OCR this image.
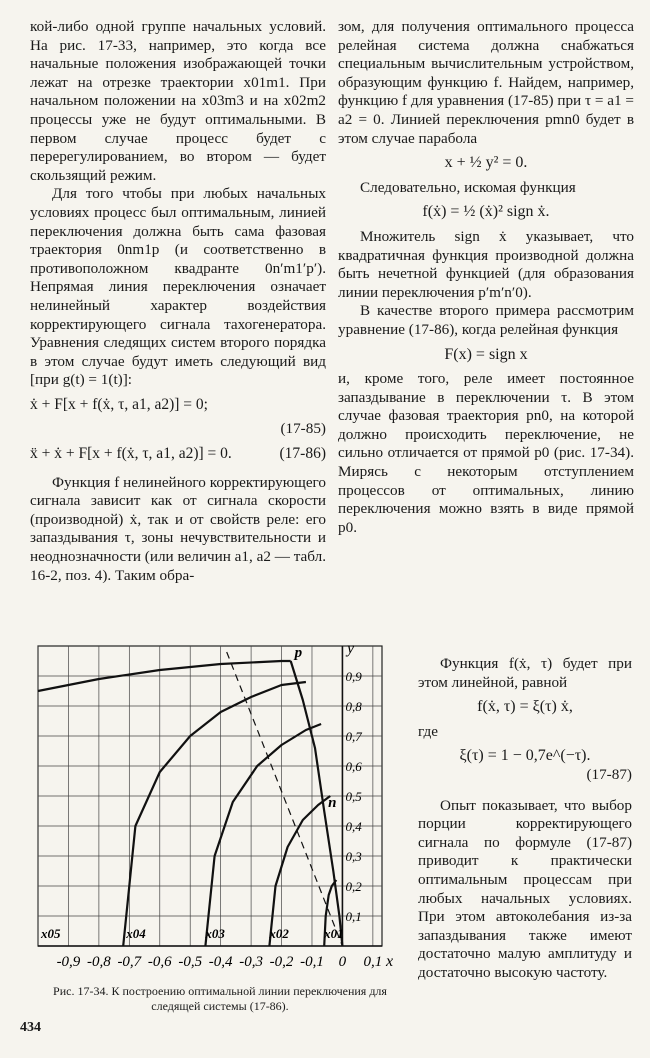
кой-либо одной группе начальных условий. На рис. 17-33, например, это когда все начальные положения изображающей точки лежат на отрезке траектории x01m1. При начальном положении на x03m3 и на x02m2 процессы уже не будут оптимальными. В первом случае процесс будет с перерегулированием, во втором — будет скользящий режим.

Для того чтобы при любых начальных условиях процесс был оптимальным, линией переключения должна быть сама фазовая траектория 0nm1p (и соответственно в противоположном квадранте 0n′m1′p′). Непрямая линия переключения означает нелинейный характер воздействия корректирующего сигнала тахогенератора. Уравнения следящих систем второго порядка в этом случае будут иметь следующий вид [при g(t) = 1(t)]:

ẋ + F[x + f(ẋ, τ, a1, a2)] = 0;
(17-85)
ẍ + ẋ + F[x + f(ẋ, τ, a1, a2)] = 0.	(17-86)

Функция f нелинейного корректирующего сигнала зависит как от сигнала скорости (производной) ẋ, так и от свойств реле: его запаздывания τ, зоны нечувствительности и неоднозначности (или величин a1, a2 — табл. 16-2, поз. 4). Таким обра-

зом, для получения оптимального процесса релейная система должна снабжаться специальным вычислительным устройством, образующим функцию f. Найдем, например, функцию f для уравнения (17-85) при τ = a1 = a2 = 0. Линией переключения pmn0 будет в этом случае парабола

x + ½ y² = 0.

Следовательно, искомая функция

f(ẋ) = ½ (ẋ)² sign ẋ.

Множитель sign ẋ указывает, что квадратичная функция производной должна быть нечетной функцией (для образования линии переключения p′m′n′0).

В качестве второго примера рассмотрим уравнение (17-86), когда релейная функция

F(x) = sign x

и, кроме того, реле имеет постоянное запаздывание в переключении τ. В этом случае фазовая траектория pn0, на которой должно происходить переключение, не сильно отличается от прямой p0 (рис. 17-34). Мирясь с некоторым отступлением процессов от оптимальных, линию переключения можно взять в виде прямой p0.

Функция f(ẋ, τ) будет при этом линейной, равной

f(ẋ, τ) = ξ(τ) ẋ,

где

ξ(τ) = 1 − 0,7e^(−τ).
(17-87)

Опыт показывает, что выбор порции корректирующего сигнала по формуле (17-87) приводит к практически оптимальным процессам при любых начальных условиях. При этом автоколебания из-за запаздывания также имеют достаточно малую амплитуду и достаточно высокую частоту.

-0,9 -0,8 -0,7 -0,6 -0,5 -0,4 -0,3 -0,2 -0,1 0 0,1 x
0,1
0,2
0,3
0,4
0,5
0,6
0,7
0,8
0,9
y
p
n
x05	x04	x03	x02	x01
Рис. 17-34. К построению оптимальной линии переключения для следящей системы (17-86).
434
